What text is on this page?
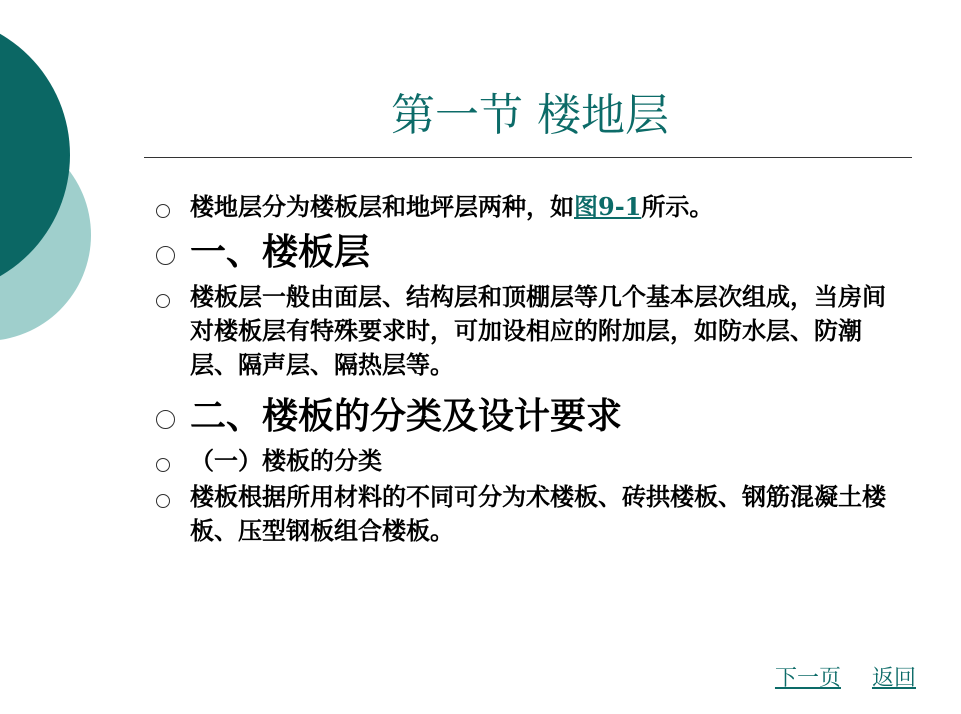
第一节 楼地层
楼地层分为楼板层和地坪层两种，如图9-1所示。
一、楼板层
楼板层一般由面层、结构层和顶棚层等几个基本层次组成，当房间对楼板层有特殊要求时，可加设相应的附加层，如防水层、防潮层、隔声层、隔热层等。
二、楼板的分类及设计要求
（一）楼板的分类
楼板根据所用材料的不同可分为术楼板、砖拱楼板、钢筋混凝土楼板、压型钢板组合楼板。
下一页 返回
